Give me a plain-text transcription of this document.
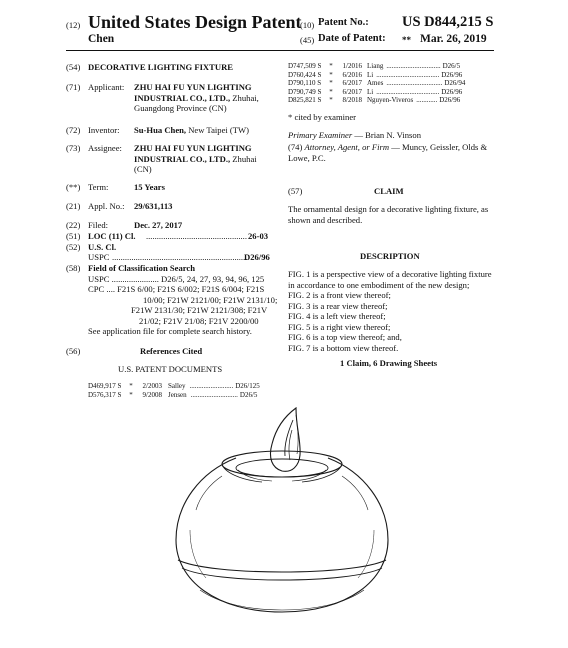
(12) United States Design Patent
(10) Patent No.: US D844,215 S
Chen	(45) Date of Patent: ** Mar. 26, 2019
(54) DECORATIVE LIGHTING FIXTURE
(71) Applicant: ZHU HAI FU YUN LIGHTING
INDUSTRIAL CO., LTD., Zhuhai,
Guangdong Province (CN)
(72) Inventor: Su-Hua Chen, New Taipei (TW)
(73) Assignee: ZHU HAI FU YUN LIGHTING
INDUSTRIAL CO., LTD., Zhuhai
(CN)
(**) Term:	15 Years
(21) Appl. No.: 29/631,113
(22) Filed:	Dec. 27, 2017
(51) LOC (11) Cl. ............................................... 26-03
(52) U.S. Cl.
USPC ...............................................................
D26/96
(58) Field of Classification Search
USPC ...................... D26/5, 24, 27, 93, 94, 96, 125
CPC .... F21S 6/00; F21S 6/002; F21S 6/004; F21S
10/00; F21W 2121/00; F21W 2131/10;
F21W 2131/30; F21W 2121/308; F21V
21/02; F21V 21/08; F21V 2200/00
See application file for complete search history.
(56)	References Cited
U.S. PATENT DOCUMENTS
D469,917 S * 2/2003 Salley ......................... D26/125
D576,317 S * 9/2008 Jensen ........................... D26/5
D747,509 S * 1/2016 Liang ............................... D26/5
D760,424 S * 6/2016 Li .................................... D26/96
D790,110 S * 6/2017 Ames ................................ D26/94
D790,749 S * 6/2017 Li .................................... D26/96
D825,821 S * 8/2018 Nguyen-Viveros ............ D26/96
* cited by examiner
Primary Examiner — Brian N. Vinson
(74) Attorney, Agent, or Firm — Muncy, Geissler, Olds &
Lowe, P.C.
(57)	CLAIM
The ornamental design for a decorative lighting fixture, as
shown and described.
DESCRIPTION
FIG. 1 is a perspective view of a decorative lighting fixture
in accordance to one embodiment of the new design;
FIG. 2 is a front view thereof;
FIG. 3 is a rear view thereof;
FIG. 4 is a left view thereof;
FIG. 5 is a right view thereof;
FIG. 6 is a top view thereof; and,
FIG. 7 is a bottom view thereof.
1 Claim, 6 Drawing Sheets
